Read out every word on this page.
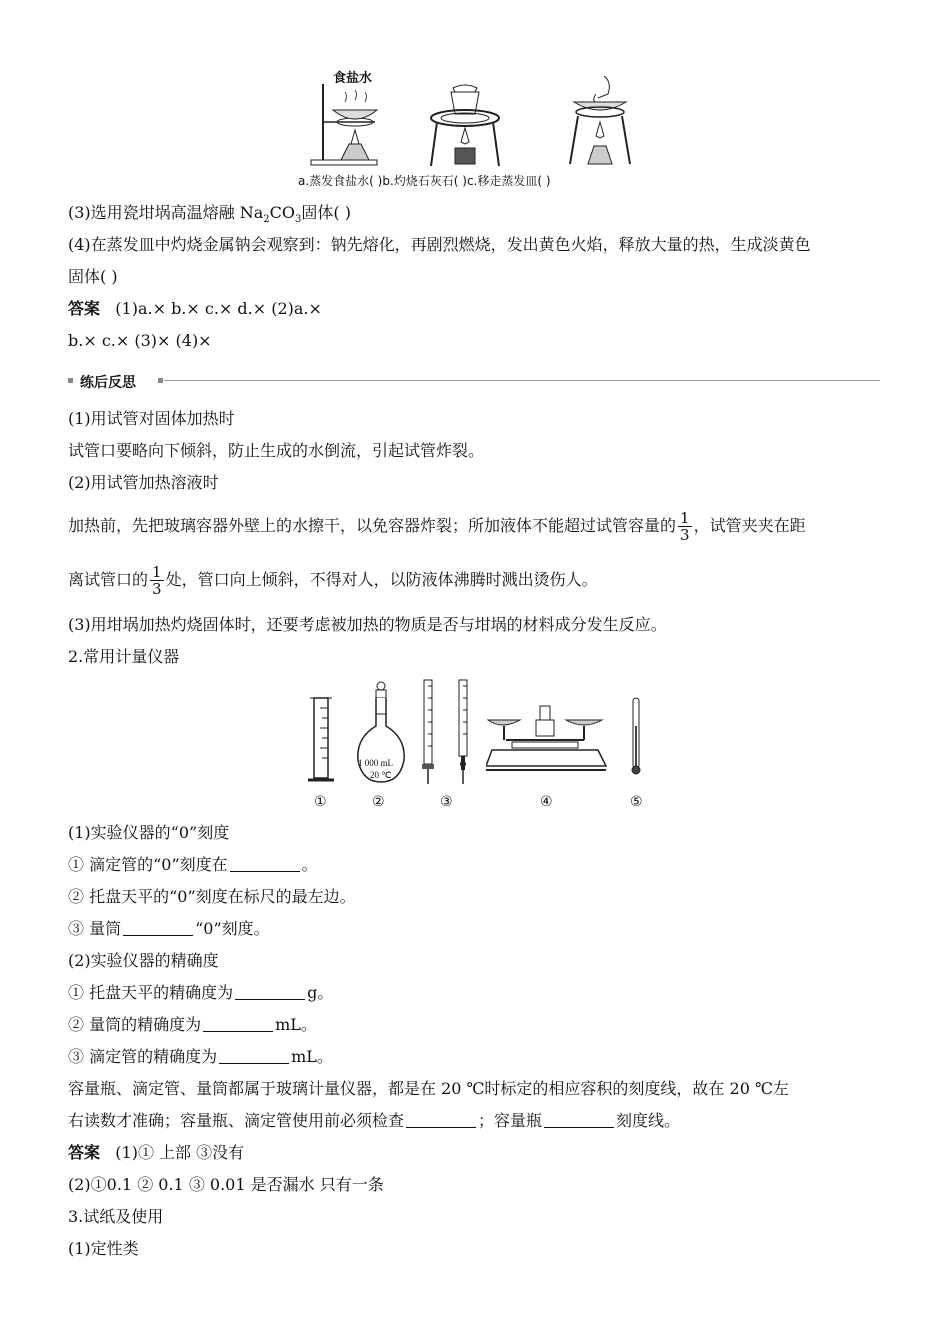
食盐水
a.蒸发食盐水( )b.灼烧石灰石( )c.移走蒸发皿( )
(3)选用瓷坩埚高温熔融 $Na_2CO_3$固体( )
(4)在蒸发皿中灼烧金属钠会观察到：钠先熔化，再剧烈燃烧，发出黄色火焰，释放大量的热，生成淡黄色
固体( )
答案 (1)a.× b.× c.× d.× (2)a.×
b.× c.× (3)× (4)×
练后反思
(1)用试管对固体加热时
试管口要略向下倾斜，防止生成的水倒流，引起试管炸裂。
(2)用试管加热溶液时
加热前，先把玻璃容器外壁上的水擦干，以免容器炸裂；所加液体不能超过试管容量的 $\frac{1}{3}$ ，试管夹夹在距
离试管口的 $\frac{1}{3}$ 处，管口向上倾斜，不得对人，以防液体沸腾时溅出烫伤人。
(3)用坩埚加热灼烧固体时，还要考虑被加热的物质是否与坩埚的材料成分发生反应。
2.常用计量仪器
1 000 mL
20 ℃
①	②	③	④	⑤
(1)实验仪器的“0”刻度
① 滴定管的“0”刻度在	。
② 托盘天平的“0”刻度在标尺的最左边。
③ 量筒	“0”刻度。
(2)实验仪器的精确度
① 托盘天平的精确度为	g。
② 量筒的精确度为	mL。
③ 滴定管的精确度为	mL。
容量瓶、滴定管、量筒都属于玻璃计量仪器，都是在 20 ℃时标定的相应容积的刻度线，故在 20 ℃左
右读数才准确；容量瓶、滴定管使用前必须检查	；容量瓶	刻度线。
答案 (1)① 上部 ③没有
(2)①0.1 ② 0.1 ③ 0.01 是否漏水 只有一条
3.试纸及使用
(1)定性类
